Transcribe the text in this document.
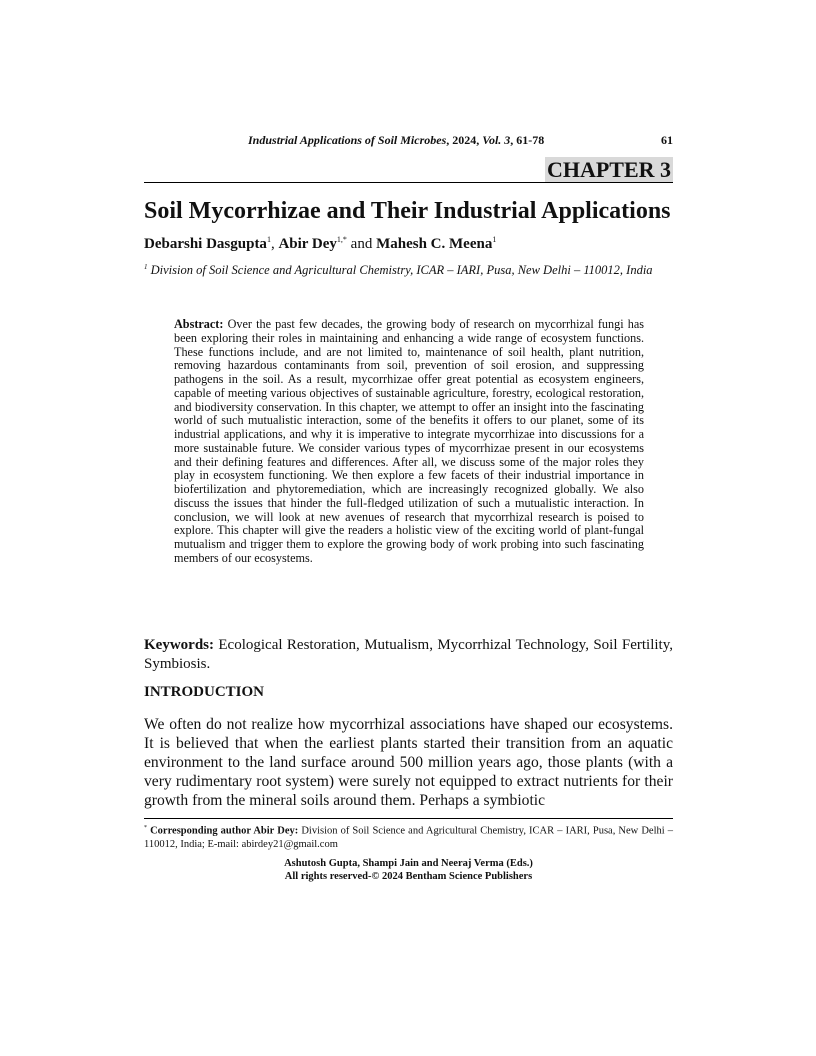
Industrial Applications of Soil Microbes, 2024, Vol. 3, 61-78	61
CHAPTER 3
Soil Mycorrhizae and Their Industrial Applications
Debarshi Dasgupta$^1$, Abir Dey$^{1,*}$ and Mahesh C. Meena$^1$
$^1$ Division of Soil Science and Agricultural Chemistry, ICAR – IARI, Pusa, New Delhi – 110012, India
Abstract: Over the past few decades, the growing body of research on mycorrhizal fungi has been exploring their roles in maintaining and enhancing a wide range of ecosystem functions. These functions include, and are not limited to, maintenance of soil health, plant nutrition, removing hazardous contaminants from soil, prevention of soil erosion, and suppressing pathogens in the soil. As a result, mycorrhizae offer great potential as ecosystem engineers, capable of meeting various objectives of sustainable agriculture, forestry, ecological restoration, and biodiversity conservation. In this chapter, we attempt to offer an insight into the fascinating world of such mutualistic interaction, some of the benefits it offers to our planet, some of its industrial applications, and why it is imperative to integrate mycorrhizae into discussions for a more sustainable future. We consider various types of mycorrhizae present in our ecosystems and their defining features and differences. After all, we discuss some of the major roles they play in ecosystem functioning. We then explore a few facets of their industrial importance in biofertilization and phytoremediation, which are increasingly recognized globally. We also discuss the issues that hinder the full-fledged utilization of such a mutualistic interaction. In conclusion, we will look at new avenues of research that mycorrhizal research is poised to explore. This chapter will give the readers a holistic view of the exciting world of plant-fungal mutualism and trigger them to explore the growing body of work probing into such fascinating members of our ecosystems.
Keywords: Ecological Restoration, Mutualism, Mycorrhizal Technology, Soil Fertility, Symbiosis.
INTRODUCTION
We often do not realize how mycorrhizal associations have shaped our ecosystems. It is believed that when the earliest plants started their transition from an aquatic environment to the land surface around 500 million years ago, those plants (with a very rudimentary root system) were surely not equipped to extract nutrients for their growth from the mineral soils around them. Perhaps a symbiotic
* Corresponding author Abir Dey: Division of Soil Science and Agricultural Chemistry, ICAR – IARI, Pusa, New Delhi – 110012, India; E-mail: abirdey21@gmail.com
Ashutosh Gupta, Shampi Jain and Neeraj Verma (Eds.)
All rights reserved-© 2024 Bentham Science Publishers
